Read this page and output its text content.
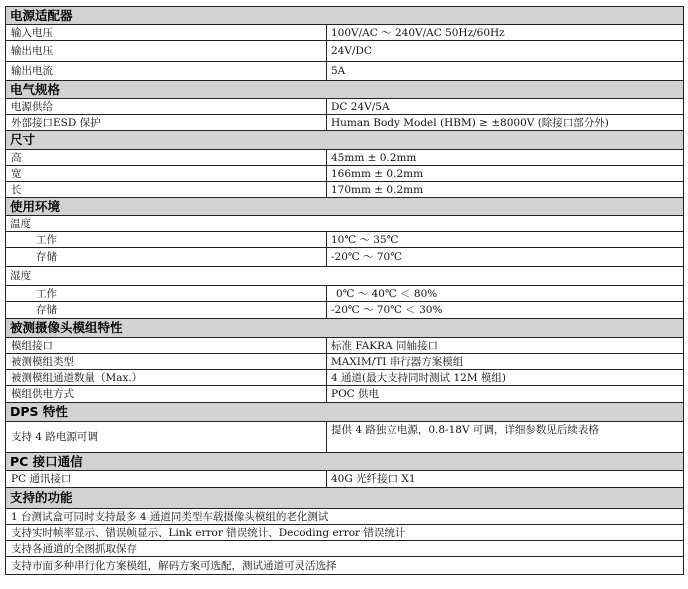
电源适配器	
输入电压	100V/AC ～ 240V/AC 50Hz/60Hz
输出电压	24V/DC
输出电流	5A
电气规格	
电源供给	DC 24V/5A
外部接口ESD 保护	Human Body Model (HBM) ≥ ±8000V (除接口部分外)
尺寸	
高	45mm ± 0.2mm
宽	166mm ± 0.2mm
长	170mm ± 0.2mm
使用环境	
温度	
工作	10℃ ～ 35℃
存储	-20℃ ～ 70℃
湿度	
工作	0℃ ～ 40℃ ＜ 80%
存储	-20℃ ～ 70℃ ＜ 30%
被测摄像头模组特性	
模组接口	标准 FAKRA 同轴接口
被测模组类型	MAXIM/TI 串行器方案模组
被测模组通道数量（Max.）	4 通道(最大支持同时测试 12M 模组)
模组供电方式	POC 供电
DPS 特性	
支持 4 路电源可调	提供 4 路独立电源，0.8-18V 可调，详细参数见后续表格
PC 接口通信	
PC 通讯接口	40G 光纤接口 X1
支持的功能	
1 台测试盒可同时支持最多 4 通道同类型车载摄像头模组的老化测试	
支持实时帧率显示、错误帧显示、Link error 错误统计、Decoding error 错误统计	
支持各通道的全图抓取保存	
支持市面多种串行化方案模组，解码方案可选配，测试通道可灵活选择	
